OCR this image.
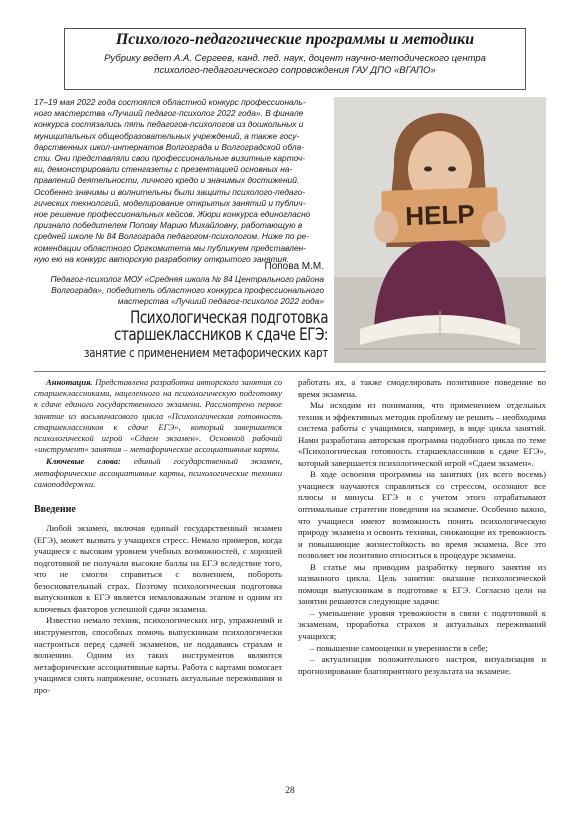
Психолого-педагогические программы и методики
Рубрику ведет А.А. Сергеев, канд. пед. наук, доцент научно-методического центра
психолого-педагогического сопровождения ГАУ ДПО «ВГАПО»
17–19 мая 2022 года состоялся областной конкурс профессиональ-
ного мастерства «Лучший педагог-психолог 2022 года». В финале
конкурса состязались пять педагогов-психологов из дошкольных и
муниципальных общеобразовательных учреждений, а также госу-
дарственных школ-интернатов Волгограда и Волгоградской обла-
сти. Они представляли свои профессиональные визитные карточ-
ки, демонстрировали стенгазеты с презентацией основных на-
правлений деятельности, личного кредо и значимых достижений.
Особенно значимы и волнительны были защиты психолого-педаго-
гических технологий, моделирование открытых занятий и публич-
ное решение профессиональных кейсов. Жюри конкурса единогласно
признало победителем Попову Марию Михайловну, работающую в
средней школе № 84 Волгограда педагогом-психологом. Ниже по ре-
комендации областного Оргкомитета мы публикуем представлен-
ную ею на конкурс авторскую разработку открытого занятия.
Попова М.М.
Педагог-психолог МОУ «Средняя школа № 84 Центрального района
Волгограда», победитель областного конкурса профессионального
мастерства «Лучший педагог-психолог 2022 года»
Психологическая подготовка
старшеклассников к сдаче ЕГЭ:
занятие с применением метафорических карт
HELP

Аннотация. Представлена разработка авторского занятия со старшеклассниками, нацеленного на психологическую подготовку к сдаче единого государственного экзамена. Рассмотрено первое занятие из восьмичасового цикла «Психологическая готовность старшеклассников к сдаче ЕГЭ», который завершается психологической игрой «Сдаем экзамен». Основной рабочий «инструмент» занятия – метафорические ассоциативные карты.

Ключевые слова: единый государственный экзамен, метафорические ассоциативные карты, психологические техники самоподдержки.

Введение

Любой экзамен, включая единый государственный экзамен (ЕГЭ), может вызвать у учащихся стресс. Немало примеров, когда учащиеся с высоким уровнем учебных возможностей, с хорошей подготовкой не получали высокие баллы на ЕГЭ вследствие того, что не смогли справиться с волнением, побороть безосновательный страх. Поэтому психологическая подготовка выпускников к ЕГЭ является немаловажным этапом и одним из ключевых факторов успешной сдачи экзамена.

Известно немало техник, психологических игр, упражнений и инструментов, способных помочь выпускникам психологически настроиться перед сдачей экзаменов, не поддаваясь страхам и волнению. Одним из таких инструментов являются метафорические ассоциативные карты. Работа с картами помогает учащимся снять напряжение, осознать актуальные переживания и про-

работать их, а также смоделировать позитивное поведение во время экзамена.

Мы исходим из понимания, что применением отдельных техник и эффективных методик проблему не решить – необходима система работы с учащимися, например, в виде цикла занятий. Нами разработана авторская программа подобного цикла по теме «Психологическая готовность старшеклассников к сдаче ЕГЭ», который завершается психологической игрой «Сдаем экзамен».

В ходе освоения программы на занятиях (их всего восемь) учащиеся научаются справляться со стрессом, осознают все плюсы и минусы ЕГЭ и с учетом этого отрабатывают оптимальные стратегии поведения на экзамене. Особенно важно, что учащиеся имеют возможность понять психологическую природу экзамена и освоить техники, снижающие их тревожность и повышающие жизнестойкость во время экзамена. Все это позволяет им позитивно относиться к процедуре экзамена.

В статье мы приводим разработку первого занятия из названного цикла. Цель занятия: оказание психологической помощи выпускникам в подготовке к ЕГЭ. Согласно цели на занятии решаются следующие задачи:

– уменьшение уровня тревожности в связи с подготовкой к экзаменам, проработка страхов и актуальных переживаний учащихся;

– повышение самооценки и уверенности в себе;

– актуализация положительного настроя, визуализация и прогнозирование благоприятного результата на экзамене.

28
